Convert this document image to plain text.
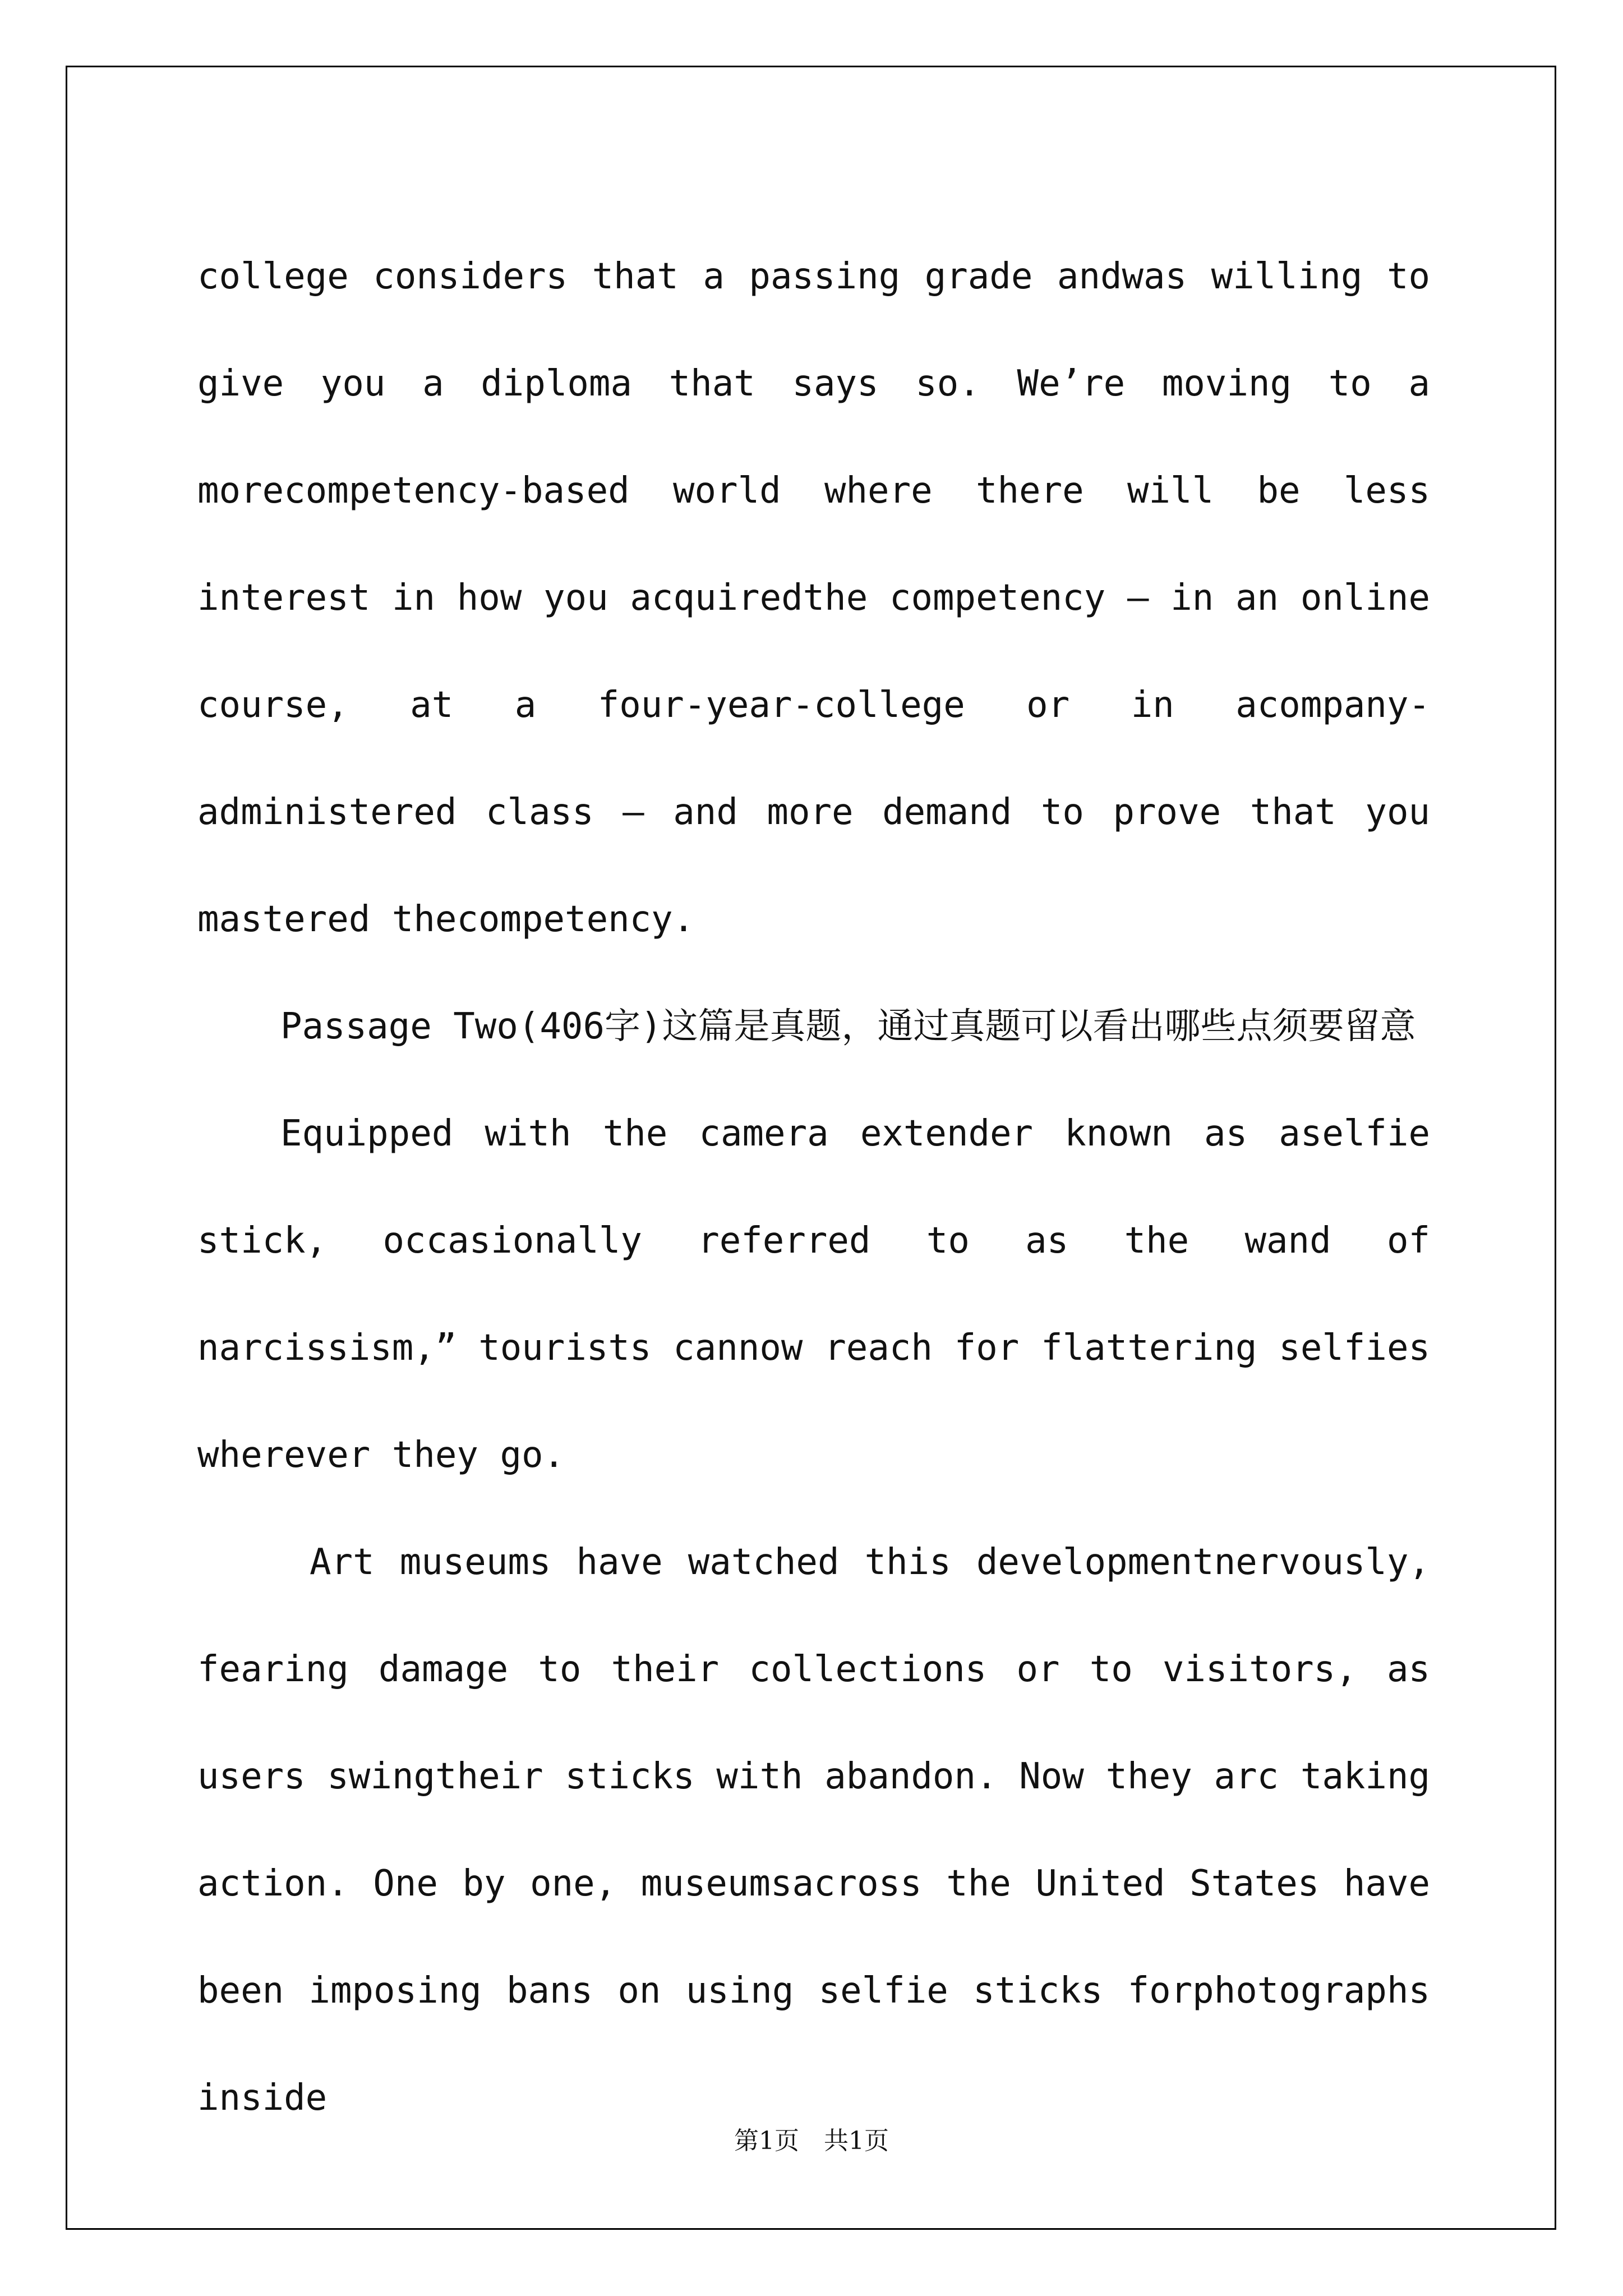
college considers that a passing grade andwas willing to give you a diploma that says so. We’re moving to a morecompetency-based world where there will be less interest in how you acquiredthe competency — in an online course, at a four-year-college or in acompany-administered class — and more demand to prove that you mastered thecompetency.

Passage Two(406字)这篇是真题，通过真题可以看出哪些点须要留意

Equipped with the camera extender known as aselfie stick, occasionally referred to as the wand of narcissism,” tourists cannow reach for flattering selfies wherever they go.

Art museums have watched this developmentnervously, fearing damage to their collections or to visitors, as users swingtheir sticks with abandon. Now they arc taking action. One by one, museumsacross the United States have been imposing bans on using selfie sticks forphotographs inside

第1页　共1页
